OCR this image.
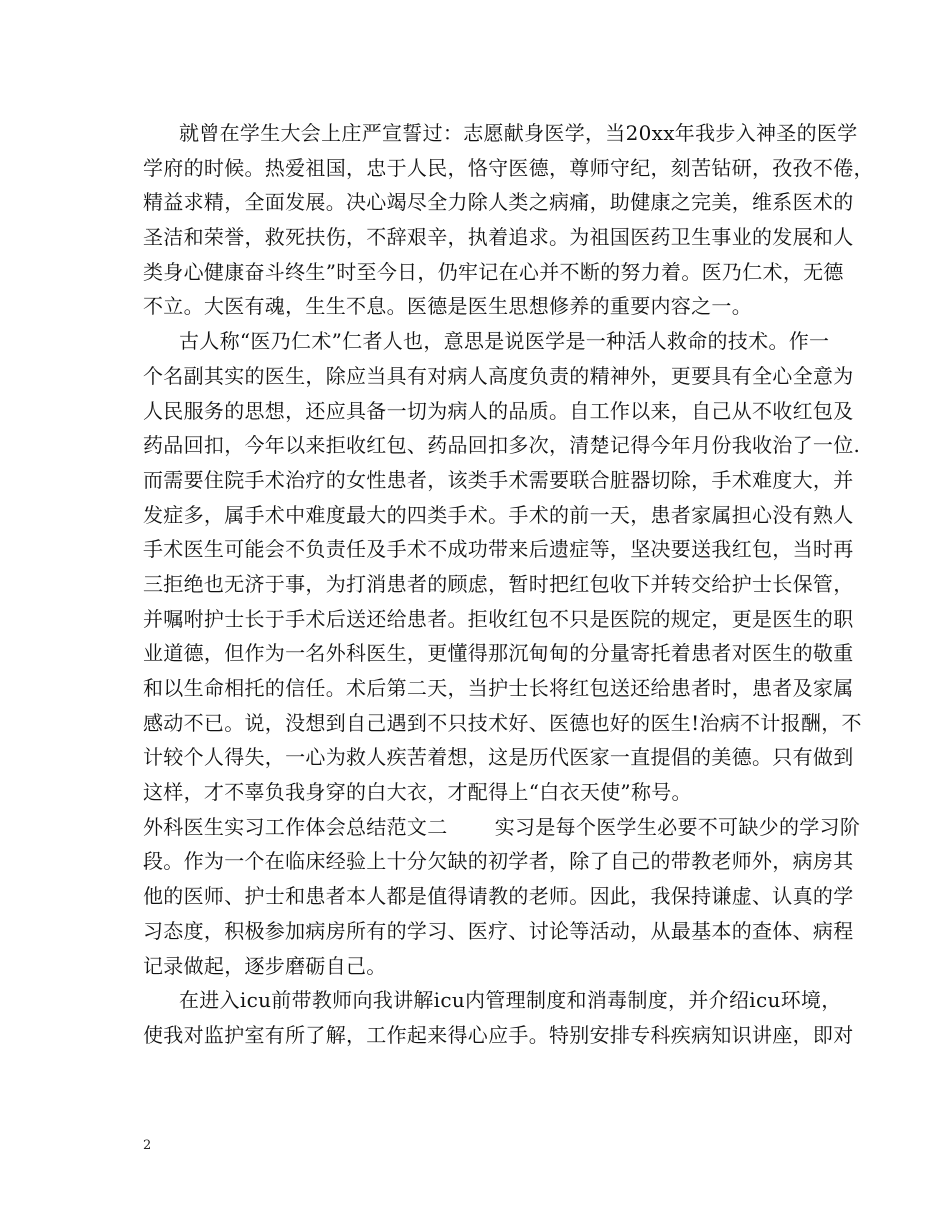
就曾在学生大会上庄严宣誓过：志愿献身医学，当20xx年我步入神圣的医学
学府的时候。热爱祖国，忠于人民，恪守医德，尊师守纪，刻苦钻研，孜孜不倦，
精益求精，全面发展。决心竭尽全力除人类之病痛，助健康之完美，维系医术的
圣洁和荣誉，救死扶伤，不辞艰辛，执着追求。为祖国医药卫生事业的发展和人
类身心健康奋斗终生”时至今日，仍牢记在心并不断的努力着。医乃仁术，无德
不立。大医有魂，生生不息。医德是医生思想修养的重要内容之一。
古人称“医乃仁术”仁者人也，意思是说医学是一种活人救命的技术。作一
个名副其实的医生，除应当具有对病人高度负责的精神外，更要具有全心全意为
人民服务的思想，还应具备一切为病人的品质。自工作以来，自己从不收红包及
药品回扣，今年以来拒收红包、药品回扣多次，清楚记得今年月份我收治了一位.
而需要住院手术治疗的女性患者，该类手术需要联合脏器切除，手术难度大，并
发症多，属手术中难度最大的四类手术。手术的前一天，患者家属担心没有熟人
手术医生可能会不负责任及手术不成功带来后遗症等，坚决要送我红包，当时再
三拒绝也无济于事，为打消患者的顾虑，暂时把红包收下并转交给护士长保管，
并嘱咐护士长于手术后送还给患者。拒收红包不只是医院的规定，更是医生的职
业道德，但作为一名外科医生，更懂得那沉甸甸的分量寄托着患者对医生的敬重
和以生命相托的信任。术后第二天，当护士长将红包送还给患者时，患者及家属
感动不已。说，没想到自己遇到不只技术好、医德也好的医生!治病不计报酬，不
计较个人得失，一心为救人疾苦着想，这是历代医家一直提倡的美德。只有做到
这样，才不辜负我身穿的白大衣，才配得上“白衣天使”称号。
外科医生实习工作体会总结范文二　　 实习是每个医学生必要不可缺少的学习阶
段。作为一个在临床经验上十分欠缺的初学者，除了自己的带教老师外，病房其
他的医师、护士和患者本人都是值得请教的老师。因此，我保持谦虚、认真的学
习态度，积极参加病房所有的学习、医疗、讨论等活动，从最基本的查体、病程
记录做起，逐步磨砺自己。
在进入icu前带教师向我讲解icu内管理制度和消毒制度，并介绍icu环境，
使我对监护室有所了解，工作起来得心应手。特别安排专科疾病知识讲座，即对
2
